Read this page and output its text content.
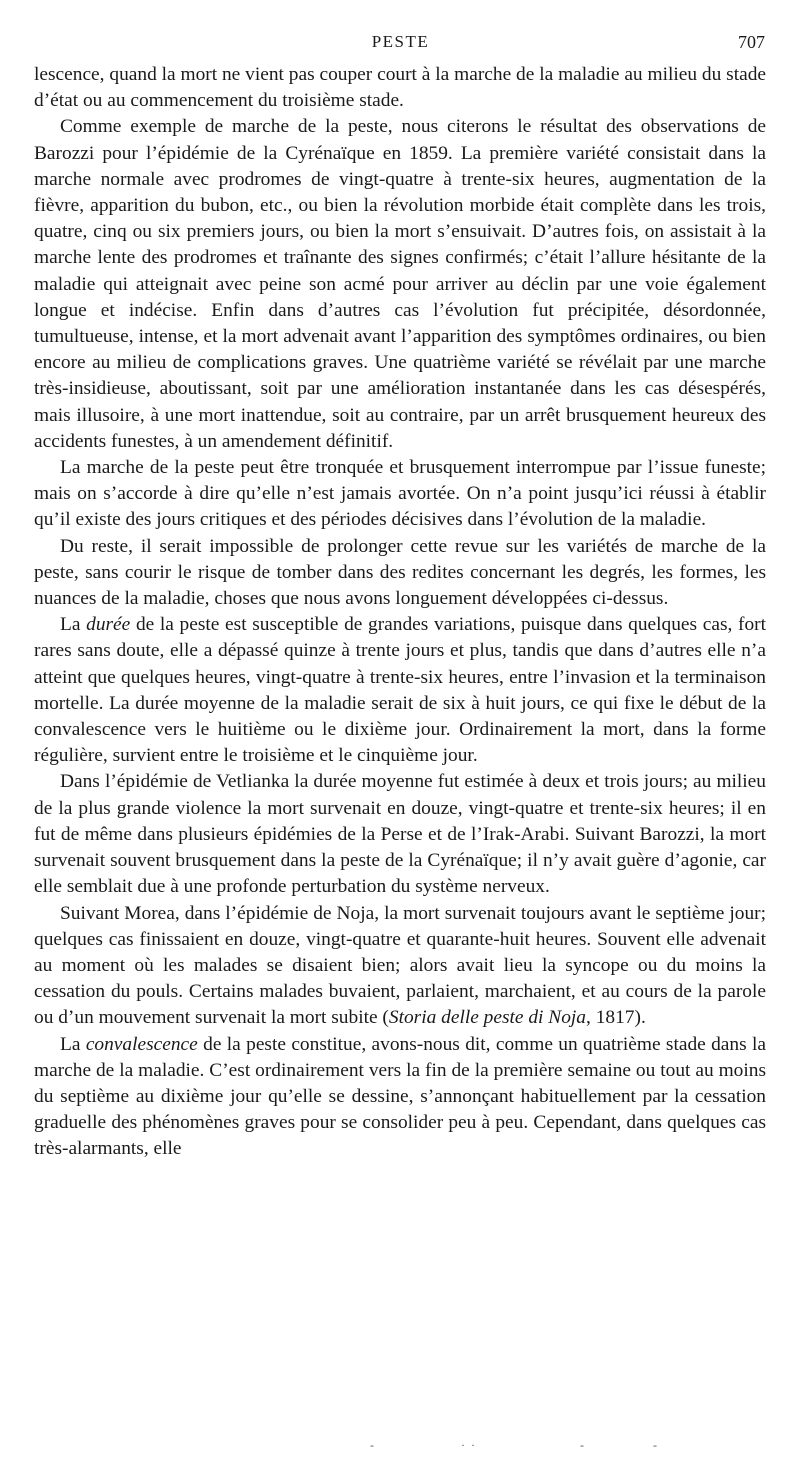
PESTE	707

lescence, quand la mort ne vient pas couper court à la marche de la maladie au milieu du stade d’état ou au commencement du troisième stade.

Comme exemple de marche de la peste, nous citerons le résultat des observations de Barozzi pour l’épidémie de la Cyrénaïque en 1859. La première variété consistait dans la marche normale avec prodromes de vingt-quatre à trente-six heures, augmentation de la fièvre, apparition du bubon, etc., ou bien la révolution morbide était complète dans les trois, quatre, cinq ou six premiers jours, ou bien la mort s’ensuivait. D’autres fois, on assistait à la marche lente des prodromes et traînante des signes confirmés; c’était l’allure hésitante de la maladie qui atteignait avec peine son acmé pour arriver au déclin par une voie également longue et indécise. Enfin dans d’autres cas l’évolution fut précipitée, désordonnée, tumultueuse, intense, et la mort advenait avant l’apparition des symptômes ordinaires, ou bien encore au milieu de complications graves. Une quatrième variété se révélait par une marche très-insidieuse, aboutissant, soit par une amélioration instantanée dans les cas désespérés, mais illusoire, à une mort inattendue, soit au contraire, par un arrêt brusquement heureux des accidents funestes, à un amendement définitif.

La marche de la peste peut être tronquée et brusquement interrompue par l’issue funeste; mais on s’accorde à dire qu’elle n’est jamais avortée. On n’a point jusqu’ici réussi à établir qu’il existe des jours critiques et des périodes décisives dans l’évolution de la maladie.

Du reste, il serait impossible de prolonger cette revue sur les variétés de marche de la peste, sans courir le risque de tomber dans des redites concernant les degrés, les formes, les nuances de la maladie, choses que nous avons longuement développées ci-dessus.

La durée de la peste est susceptible de grandes variations, puisque dans quelques cas, fort rares sans doute, elle a dépassé quinze à trente jours et plus, tandis que dans d’autres elle n’a atteint que quelques heures, vingt-quatre à trente-six heures, entre l’invasion et la terminaison mortelle. La durée moyenne de la maladie serait de six à huit jours, ce qui fixe le début de la convalescence vers le huitième ou le dixième jour. Ordinairement la mort, dans la forme régulière, survient entre le troisième et le cinquième jour.

Dans l’épidémie de Vetlianka la durée moyenne fut estimée à deux et trois jours; au milieu de la plus grande violence la mort survenait en douze, vingt-quatre et trente-six heures; il en fut de même dans plusieurs épidémies de la Perse et de l’Irak-Arabi. Suivant Barozzi, la mort survenait souvent brusquement dans la peste de la Cyrénaïque; il n’y avait guère d’agonie, car elle semblait due à une profonde perturbation du système nerveux.

Suivant Morea, dans l’épidémie de Noja, la mort survenait toujours avant le septième jour; quelques cas finissaient en douze, vingt-quatre et quarante-huit heures. Souvent elle advenait au moment où les malades se disaient bien; alors avait lieu la syncope ou du moins la cessation du pouls. Certains malades buvaient, parlaient, marchaient, et au cours de la parole ou d’un mouvement survenait la mort subite (Storia delle peste di Noja, 1817).

La convalescence de la peste constitue, avons-nous dit, comme un quatrième stade dans la marche de la maladie. C’est ordinairement vers la fin de la première semaine ou tout au moins du septième au dixième jour qu’elle se dessine, s’annonçant habituellement par la cessation graduelle des phénomènes graves pour se consolider peu à peu. Cependant, dans quelques cas très-alarmants, elle

-         ··           -       -
